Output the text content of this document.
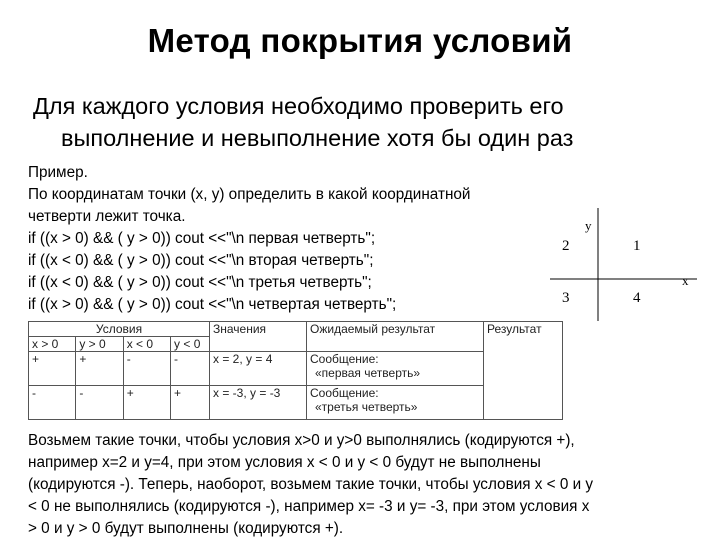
Метод покрытия условий
Для каждого условия необходимо проверить его
выполнение и невыполнение хотя бы один раз
Пример.
По координатам точки (x, y) определить в какой координатной
четверти лежит точка.
if ((x > 0) && ( y > 0)) cout <<"\n первая четверть";
if ((x < 0) && ( y > 0)) cout <<"\n вторая четверть";
if ((x < 0) && ( y > 0)) cout <<"\n третья четверть";
if ((x > 0) && ( y > 0)) cout <<"\n четвертая четверть";
y
x
2	1
3	4
Условия				Значения	Ожидаемый результат	Результат
x > 0	y > 0	x < 0	y < 0			
+	+	-	-	x = 2, y = 4	Сообщение:
«первая четверть»	

-	-	+	+	x = -3, y = -3	Сообщение:
«третья четверть»	
Возьмем такие точки, чтобы условия x>0 и y>0 выполнялись (кодируются +),
например x=2 и y=4, при этом условия x < 0 и y < 0 будут не выполнены
(кодируются -). Теперь, наоборот, возьмем такие точки, чтобы условия x < 0 и y
< 0 не выполнялись (кодируются -), например x= -3 и y= -3, при этом условия x
> 0 и y > 0 будут выполнены (кодируются +).
